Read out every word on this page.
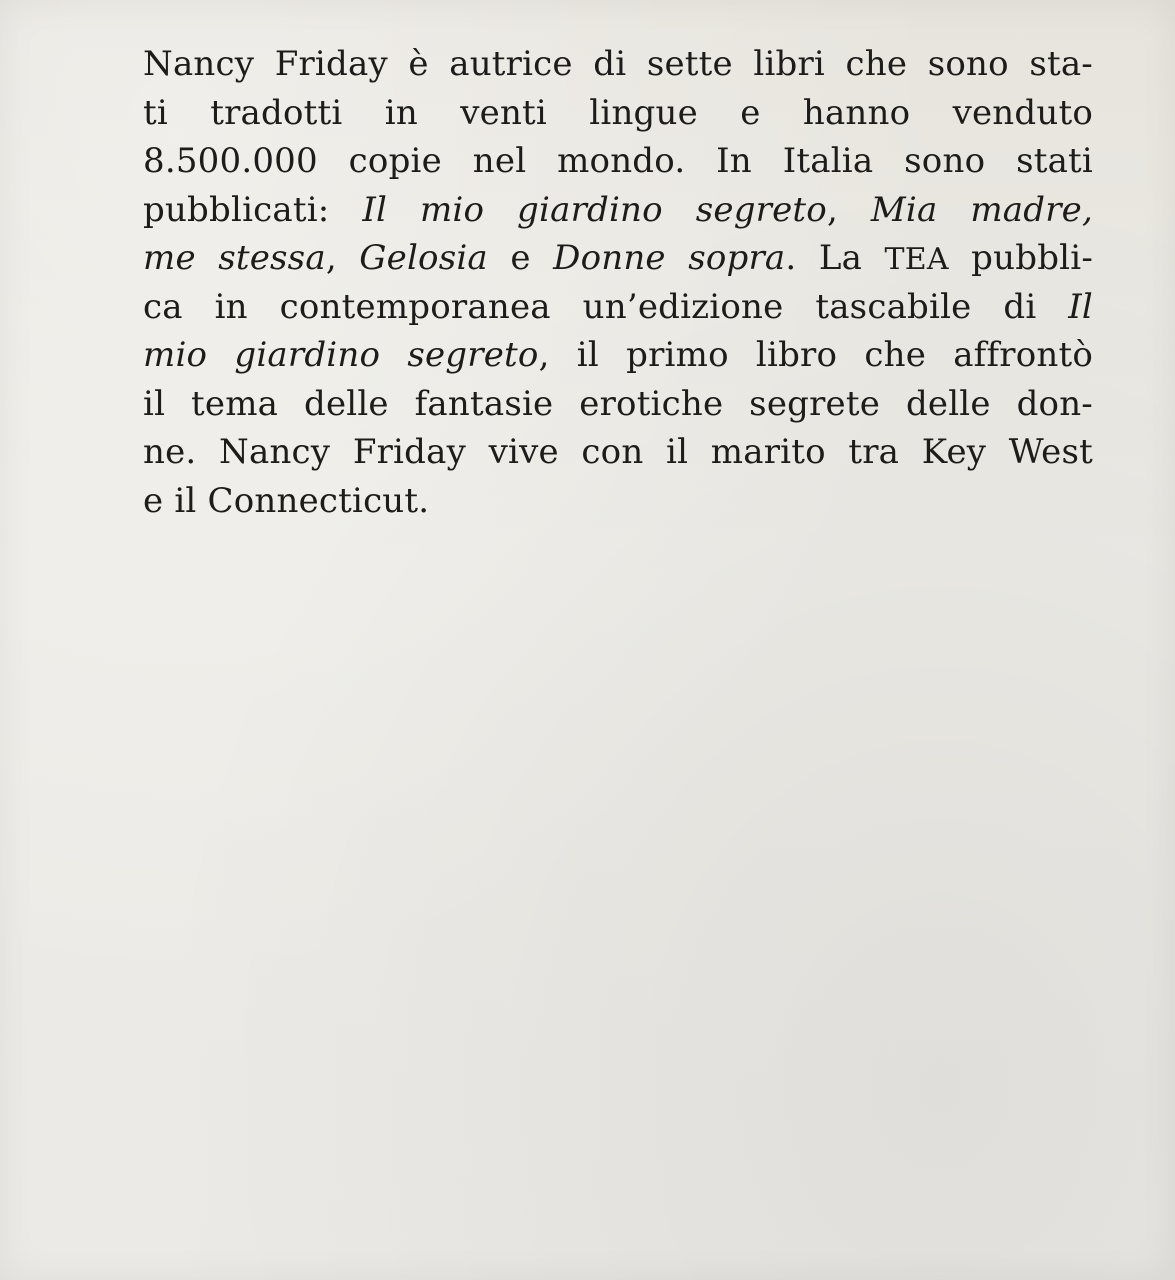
Nancy Friday è autrice di sette libri che sono sta-
ti tradotti in venti lingue e hanno venduto
8.500.000 copie nel mondo. In Italia sono stati
pubblicati: Il mio giardino segreto, Mia madre,
me stessa, Gelosia e Donne sopra. La TEA pubbli-
ca in contemporanea un’edizione tascabile di Il
mio giardino segreto, il primo libro che affrontò
il tema delle fantasie erotiche segrete delle don-
ne. Nancy Friday vive con il marito tra Key West
e il Connecticut.
